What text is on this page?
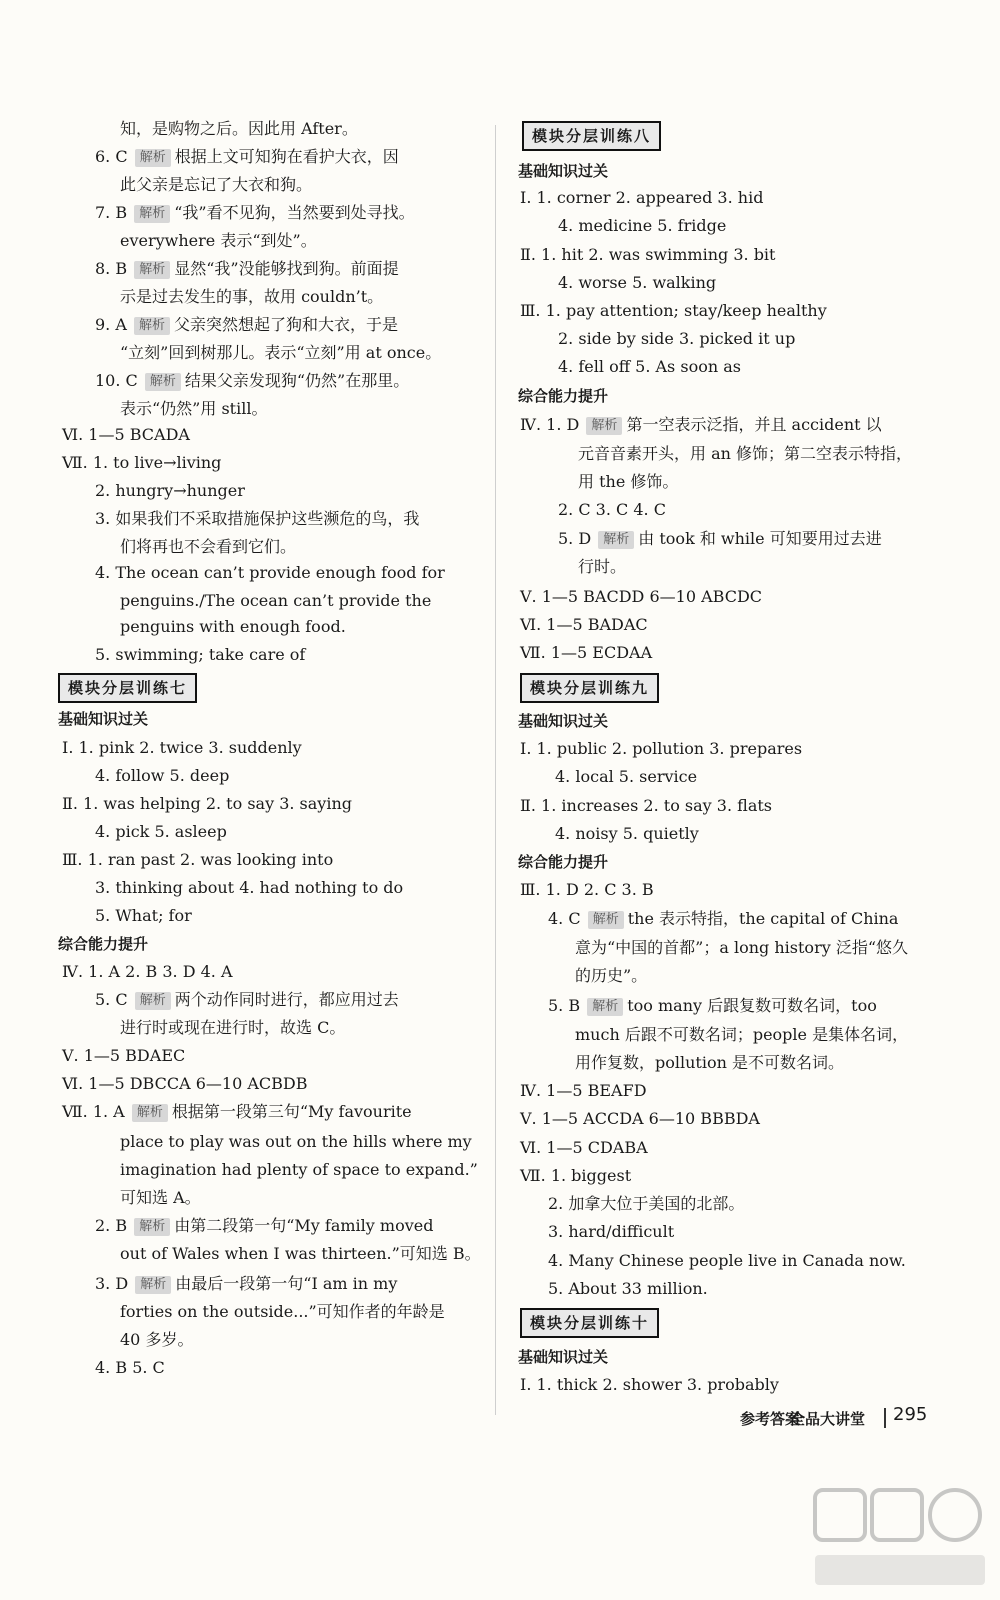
知，是购物之后。因此用 After。
6. C 解析 根据上文可知狗在看护大衣，因
此父亲是忘记了大衣和狗。
7. B 解析 “我”看不见狗，当然要到处寻找。
everywhere 表示“到处”。
8. B 解析 显然“我”没能够找到狗。前面提
示是过去发生的事，故用 couldn’t。
9. A 解析 父亲突然想起了狗和大衣，于是
“立刻”回到树那儿。表示“立刻”用 at once。
10. C 解析 结果父亲发现狗“仍然”在那里。
表示“仍然”用 still。
Ⅵ. 1—5 BCADA
Ⅶ. 1. to live→living
2. hungry→hunger
3. 如果我们不采取措施保护这些濒危的鸟，我
们将再也不会看到它们。
4. The ocean can’t provide enough food for
penguins./The ocean can’t provide the
penguins with enough food.
5. swimming; take care of
基础知识过关
Ⅰ. 1. pink 2. twice 3. suddenly
4. follow 5. deep
Ⅱ. 1. was helping 2. to say 3. saying
4. pick 5. asleep
Ⅲ. 1. ran past 2. was looking into
3. thinking about 4. had nothing to do
5. What; for
综合能力提升
Ⅳ. 1. A 2. B 3. D 4. A
5. C 解析 两个动作同时进行，都应用过去
进行时或现在进行时，故选 C。
Ⅴ. 1—5 BDAEC
Ⅵ. 1—5 DBCCA 6—10 ACBDB
Ⅶ. 1. A 解析 根据第一段第三句“My favourite
place to play was out on the hills where my
imagination had plenty of space to expand.”
可知选 A。
2. B 解析 由第二段第一句“My family moved
out of Wales when I was thirteen.”可知选 B。
3. D 解析 由最后一段第一句“I am in my
forties on the outside...”可知作者的年龄是
40 多岁。
4. B 5. C
基础知识过关
Ⅰ. 1. corner 2. appeared 3. hid
4. medicine 5. fridge
Ⅱ. 1. hit 2. was swimming 3. bit
4. worse 5. walking
Ⅲ. 1. pay attention; stay/keep healthy
2. side by side 3. picked it up
4. fell off 5. As soon as
综合能力提升
Ⅳ. 1. D 解析 第一空表示泛指，并且 accident 以
元音音素开头，用 an 修饰；第二空表示特指，
用 the 修饰。
2. C 3. C 4. C
5. D 解析 由 took 和 while 可知要用过去进
行时。
Ⅴ. 1—5 BACDD 6—10 ABCDC
Ⅵ. 1—5 BADAC
Ⅶ. 1—5 ECDAA
基础知识过关
Ⅰ. 1. public 2. pollution 3. prepares
4. local 5. service
Ⅱ. 1. increases 2. to say 3. flats
4. noisy 5. quietly
综合能力提升
Ⅲ. 1. D 2. C 3. B
4. C 解析 the 表示特指，the capital of China
意为“中国的首都”；a long history 泛指“悠久
的历史”。
5. B 解析 too many 后跟复数可数名词，too
much 后跟不可数名词；people 是集体名词，
用作复数，pollution 是不可数名词。
Ⅳ. 1—5 BEAFD
Ⅴ. 1—5 ACCDA 6—10 BBBDA
Ⅵ. 1—5 CDABA
Ⅶ. 1. biggest
2. 加拿大位于美国的北部。
3. hard/difficult
4. Many Chinese people live in Canada now.
5. About 33 million.
基础知识过关
Ⅰ. 1. thick 2. shower 3. probably
模块分层训练八
模块分层训练七	模块分层训练九
模块分层训练十
参考答案
全品大讲堂 295
